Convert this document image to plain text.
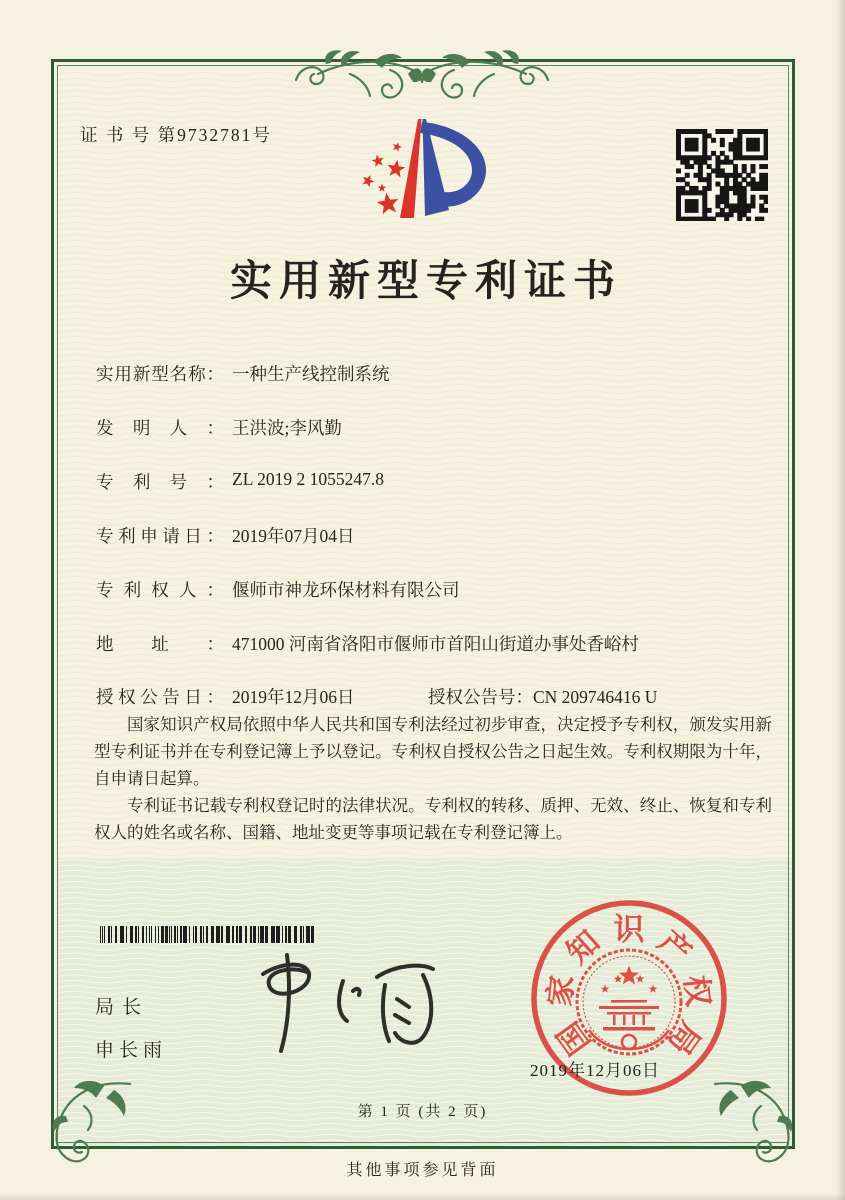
证 书 号 第9732781号
实用新型专利证书
实用新型名称： 一种生产线控制系统
发明人： 王洪波;李风勤
专利号： ZL 2019 2 1055247.8
专利申请日： 2019年07月04日
专利权人： 偃师市神龙环保材料有限公司
地址： 471000 河南省洛阳市偃师市首阳山街道办事处香峪村
授权公告日： 2019年12月06日	授权公告号：CN 209746416 U

国家知识产权局依照中华人民共和国专利法经过初步审查，决定授予专利权，颁发实用新型专利证书并在专利登记簿上予以登记。专利权自授权公告之日起生效。专利权期限为十年，自申请日起算。

专利证书记载专利权登记时的法律状况。专利权的转移、质押、无效、终止、恢复和专利权人的姓名或名称、国籍、地址变更等事项记载在专利登记簿上。

局长
申长雨	国
家
知 识 产
权
局
2019年12月06日
第 1 页 (共 2 页)
其他事项参见背面
